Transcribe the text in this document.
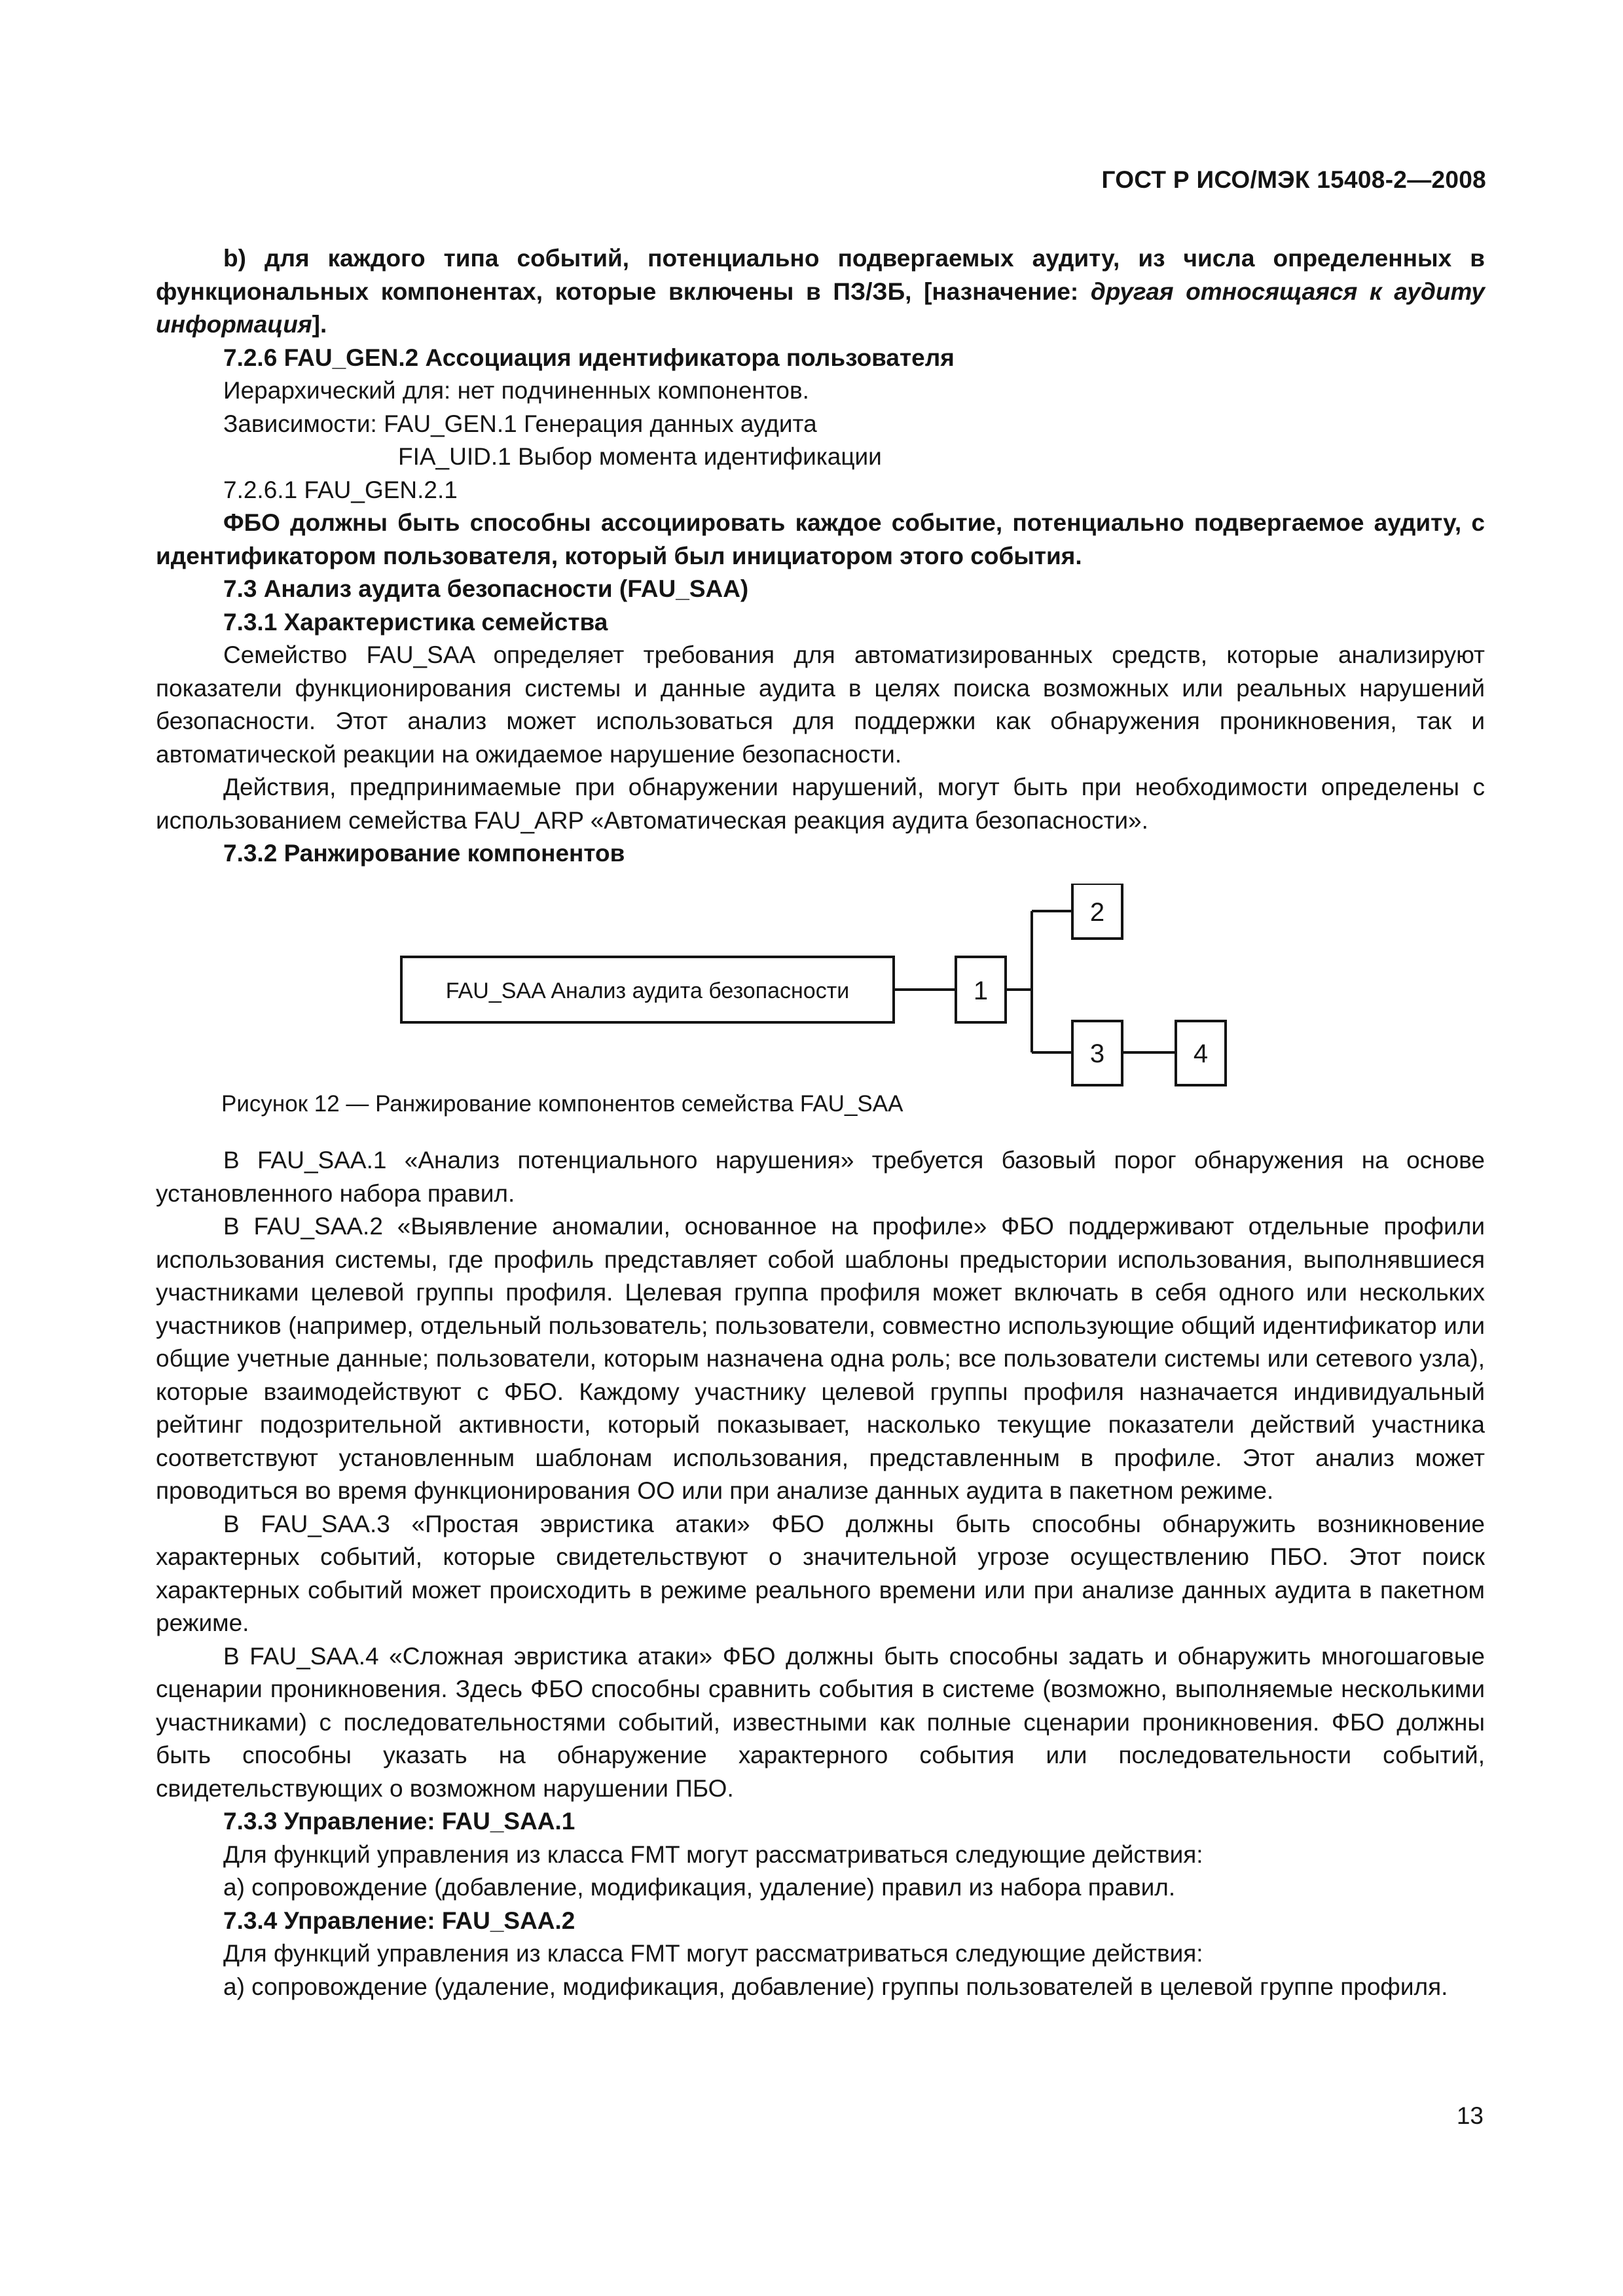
ГОСТ Р ИСО/МЭК 15408-2—2008

b) для каждого типа событий, потенциально подвергаемых аудиту, из числа определенных в функциональных компонентах, которые включены в ПЗ/ЗБ, [назначение: другая относящаяся к аудиту информация].

7.2.6 FAU_GEN.2 Ассоциация идентификатора пользователя

Иерархический для: нет подчиненных компонентов.

Зависимости: FAU_GEN.1 Генерация данных аудита

FIA_UID.1 Выбор момента идентификации

7.2.6.1 FAU_GEN.2.1

ФБО должны быть способны ассоциировать каждое событие, потенциально подвергаемое аудиту, с идентификатором пользователя, который был инициатором этого события.

7.3 Анализ аудита безопасности (FAU_SAA)

7.3.1 Характеристика семейства

Семейство FAU_SAA определяет требования для автоматизированных средств, которые анализируют показатели функционирования системы и данные аудита в целях поиска возможных или реальных нарушений безопасности. Этот анализ может использоваться для поддержки как обнаружения проникновения, так и автоматической реакции на ожидаемое нарушение безопасности.

Действия, предпринимаемые при обнаружении нарушений, могут быть при необходимости определены с использованием семейства FAU_ARP «Автоматическая реакция аудита безопасности».

7.3.2 Ранжирование компонентов

FAU_SAA Анализ аудита безопасности	1
2
3	4

Рисунок 12 — Ранжирование компонентов семейства FAU_SAA

В FAU_SAA.1 «Анализ потенциального нарушения» требуется базовый порог обнаружения на основе установленного набора правил.

В FAU_SAA.2 «Выявление аномалии, основанное на профиле» ФБО поддерживают отдельные профили использования системы, где профиль представляет собой шаблоны предыстории использования, выполнявшиеся участниками целевой группы профиля. Целевая группа профиля может включать в себя одного или нескольких участников (например, отдельный пользователь; пользователи, совместно использующие общий идентификатор или общие учетные данные; пользователи, которым назначена одна роль; все пользователи системы или сетевого узла), которые взаимодействуют с ФБО. Каждому участнику целевой группы профиля назначается индивидуальный рейтинг подозрительной активности, который показывает, насколько текущие показатели действий участника соответствуют установленным шаблонам использования, представленным в профиле. Этот анализ может проводиться во время функционирования ОО или при анализе данных аудита в пакетном режиме.

В FAU_SAA.3 «Простая эвристика атаки» ФБО должны быть способны обнаружить возникновение характерных событий, которые свидетельствуют о значительной угрозе осуществлению ПБО. Этот поиск характерных событий может происходить в режиме реального времени или при анализе данных аудита в пакетном режиме.

В FAU_SAA.4 «Сложная эвристика атаки» ФБО должны быть способны задать и обнаружить многошаговые сценарии проникновения. Здесь ФБО способны сравнить события в системе (возможно, выполняемые несколькими участниками) с последовательностями событий, известными как полные сценарии проникновения. ФБО должны быть способны указать на обнаружение характерного события или последовательности событий, свидетельствующих о возможном нарушении ПБО.

7.3.3 Управление: FAU_SAA.1

Для функций управления из класса FMT могут рассматриваться следующие действия:

а) сопровождение (добавление, модификация, удаление) правил из набора правил.

7.3.4 Управление: FAU_SAA.2

Для функций управления из класса FMT могут рассматриваться следующие действия:

а) сопровождение (удаление, модификация, добавление) группы пользователей в целевой группе профиля.

13
